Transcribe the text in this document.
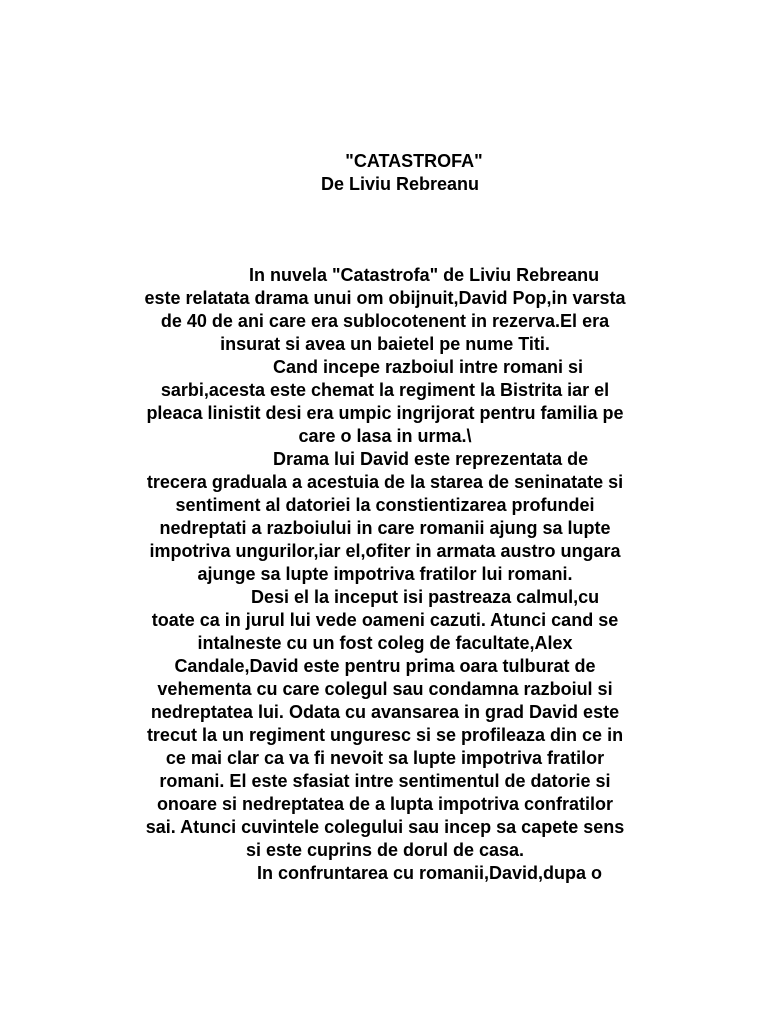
"CATASTROFA"
De Liviu Rebreanu
In nuvela "Catastrofa" de Liviu Rebreanu
este relatata drama unui om obijnuit,David Pop,in varsta
de 40 de ani care era sublocotenent in rezerva.El era
insurat si avea un baietel pe nume Titi.
Cand incepe razboiul intre romani si
sarbi,acesta este chemat la regiment la Bistrita iar el
pleaca linistit desi era umpic ingrijorat pentru familia pe
care o lasa in urma.\
Drama lui David este reprezentata de
trecera graduala a acestuia de la starea de seninatate si
sentiment al datoriei la constientizarea profundei
nedreptati a razboiului in care romanii ajung sa lupte
impotriva ungurilor,iar el,ofiter in armata austro ungara
ajunge sa lupte impotriva fratilor lui romani.
Desi el la inceput isi pastreaza calmul,cu
toate ca in jurul lui vede oameni cazuti. Atunci cand se
intalneste cu un fost coleg de facultate,Alex
Candale,David este pentru prima oara tulburat de
vehementa cu care colegul sau condamna razboiul si
nedreptatea lui. Odata cu avansarea in grad David este
trecut la un regiment unguresc si se profileaza din ce in
ce mai clar ca va fi nevoit sa lupte impotriva fratilor
romani. El este sfasiat intre sentimentul de datorie si
onoare si nedreptatea de a lupta impotriva confratilor
sai. Atunci cuvintele colegului sau incep sa capete sens
si este cuprins de dorul de casa.
In confruntarea cu romanii,David,dupa o
